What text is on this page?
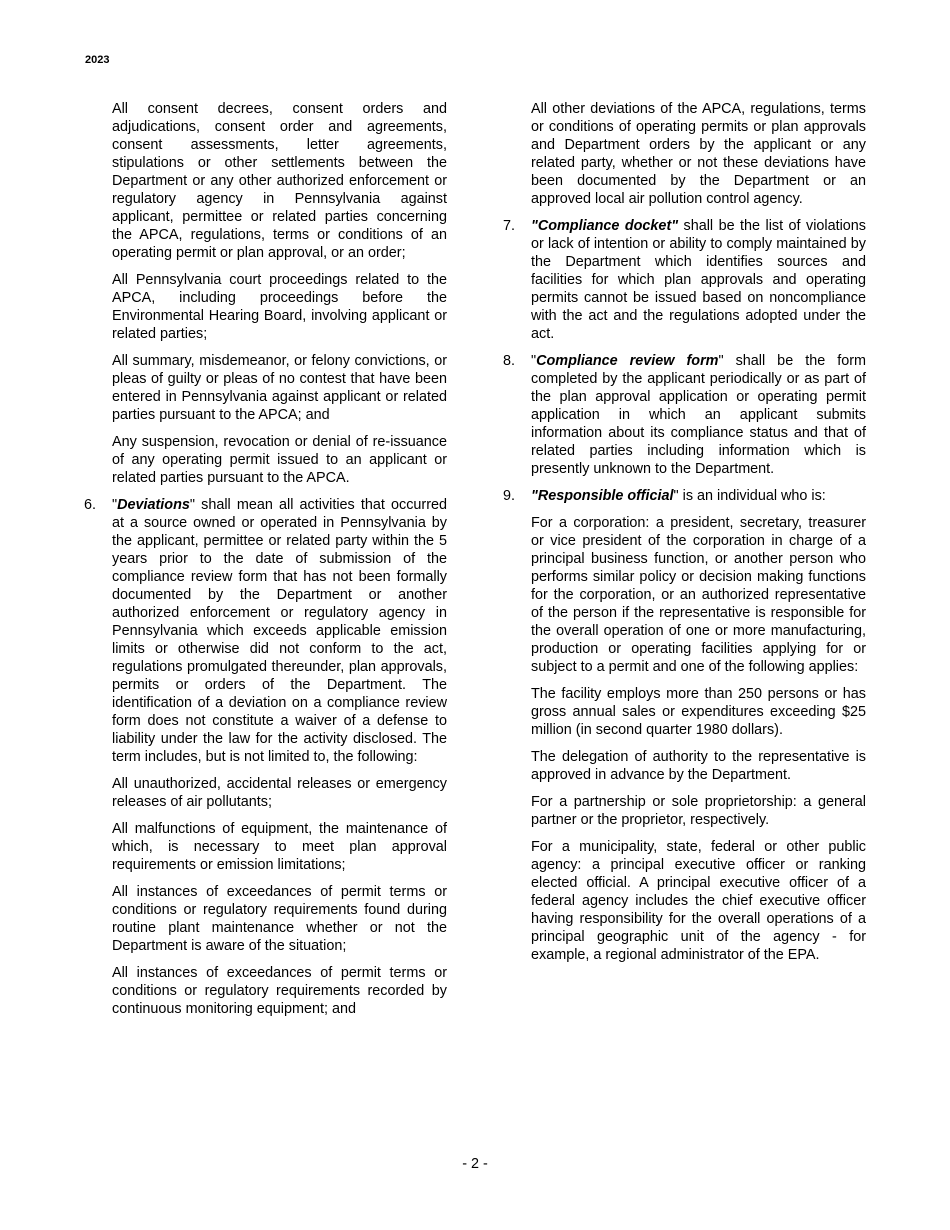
2023

All consent decrees, consent orders and adjudications, consent order and agreements, consent assessments, letter agreements, stipulations or other settlements between the Department or any other authorized enforcement or regulatory agency in Pennsylvania against applicant, permittee or related parties concerning the APCA, regulations, terms or conditions of an operating permit or plan approval, or an order;

All Pennsylvania court proceedings related to the APCA, including proceedings before the Environmental Hearing Board, involving applicant or related parties;

All summary, misdemeanor, or felony convictions, or pleas of guilty or pleas of no contest that have been entered in Pennsylvania against applicant or related parties pursuant to the APCA; and

Any suspension, revocation or denial of re-issuance of any operating permit issued to an applicant or related parties pursuant to the APCA.

6. "Deviations" shall mean all activities that occurred at a source owned or operated in Pennsylvania by the applicant, permittee or related party within the 5 years prior to the date of submission of the compliance review form that has not been formally documented by the Department or another authorized enforcement or regulatory agency in Pennsylvania which exceeds applicable emission limits or otherwise did not conform to the act, regulations promulgated thereunder, plan approvals, permits or orders of the Department. The identification of a deviation on a compliance review form does not constitute a waiver of a defense to liability under the law for the activity disclosed. The term includes, but is not limited to, the following:

All unauthorized, accidental releases or emergency releases of air pollutants;

All malfunctions of equipment, the maintenance of which, is necessary to meet plan approval requirements or emission limitations;

All instances of exceedances of permit terms or conditions or regulatory requirements found during routine plant maintenance whether or not the Department is aware of the situation;

All instances of exceedances of permit terms or conditions or regulatory requirements recorded by continuous monitoring equipment; and

All other deviations of the APCA, regulations, terms or conditions of operating permits or plan approvals and Department orders by the applicant or any related party, whether or not these deviations have been documented by the Department or an approved local air pollution control agency.

7. "Compliance docket" shall be the list of violations or lack of intention or ability to comply maintained by the Department which identifies sources and facilities for which plan approvals and operating permits cannot be issued based on noncompliance with the act and the regulations adopted under the act.
8. "Compliance review form" shall be the form completed by the applicant periodically or as part of the plan approval application or operating permit application in which an applicant submits information about its compliance status and that of related parties including information which is presently unknown to the Department.
9. "Responsible official" is an individual who is:

For a corporation: a president, secretary, treasurer or vice president of the corporation in charge of a principal business function, or another person who performs similar policy or decision making functions for the corporation, or an authorized representative of the person if the representative is responsible for the overall operation of one or more manufacturing, production or operating facilities applying for or subject to a permit and one of the following applies:

The facility employs more than 250 persons or has gross annual sales or expenditures exceeding $25 million (in second quarter 1980 dollars).

The delegation of authority to the representative is approved in advance by the Department.

For a partnership or sole proprietorship: a general partner or the proprietor, respectively.

For a municipality, state, federal or other public agency: a principal executive officer or ranking elected official. A principal executive officer of a federal agency includes the chief executive officer having responsibility for the overall operations of a principal geographic unit of the agency - for example, a regional administrator of the EPA.

- 2 -
